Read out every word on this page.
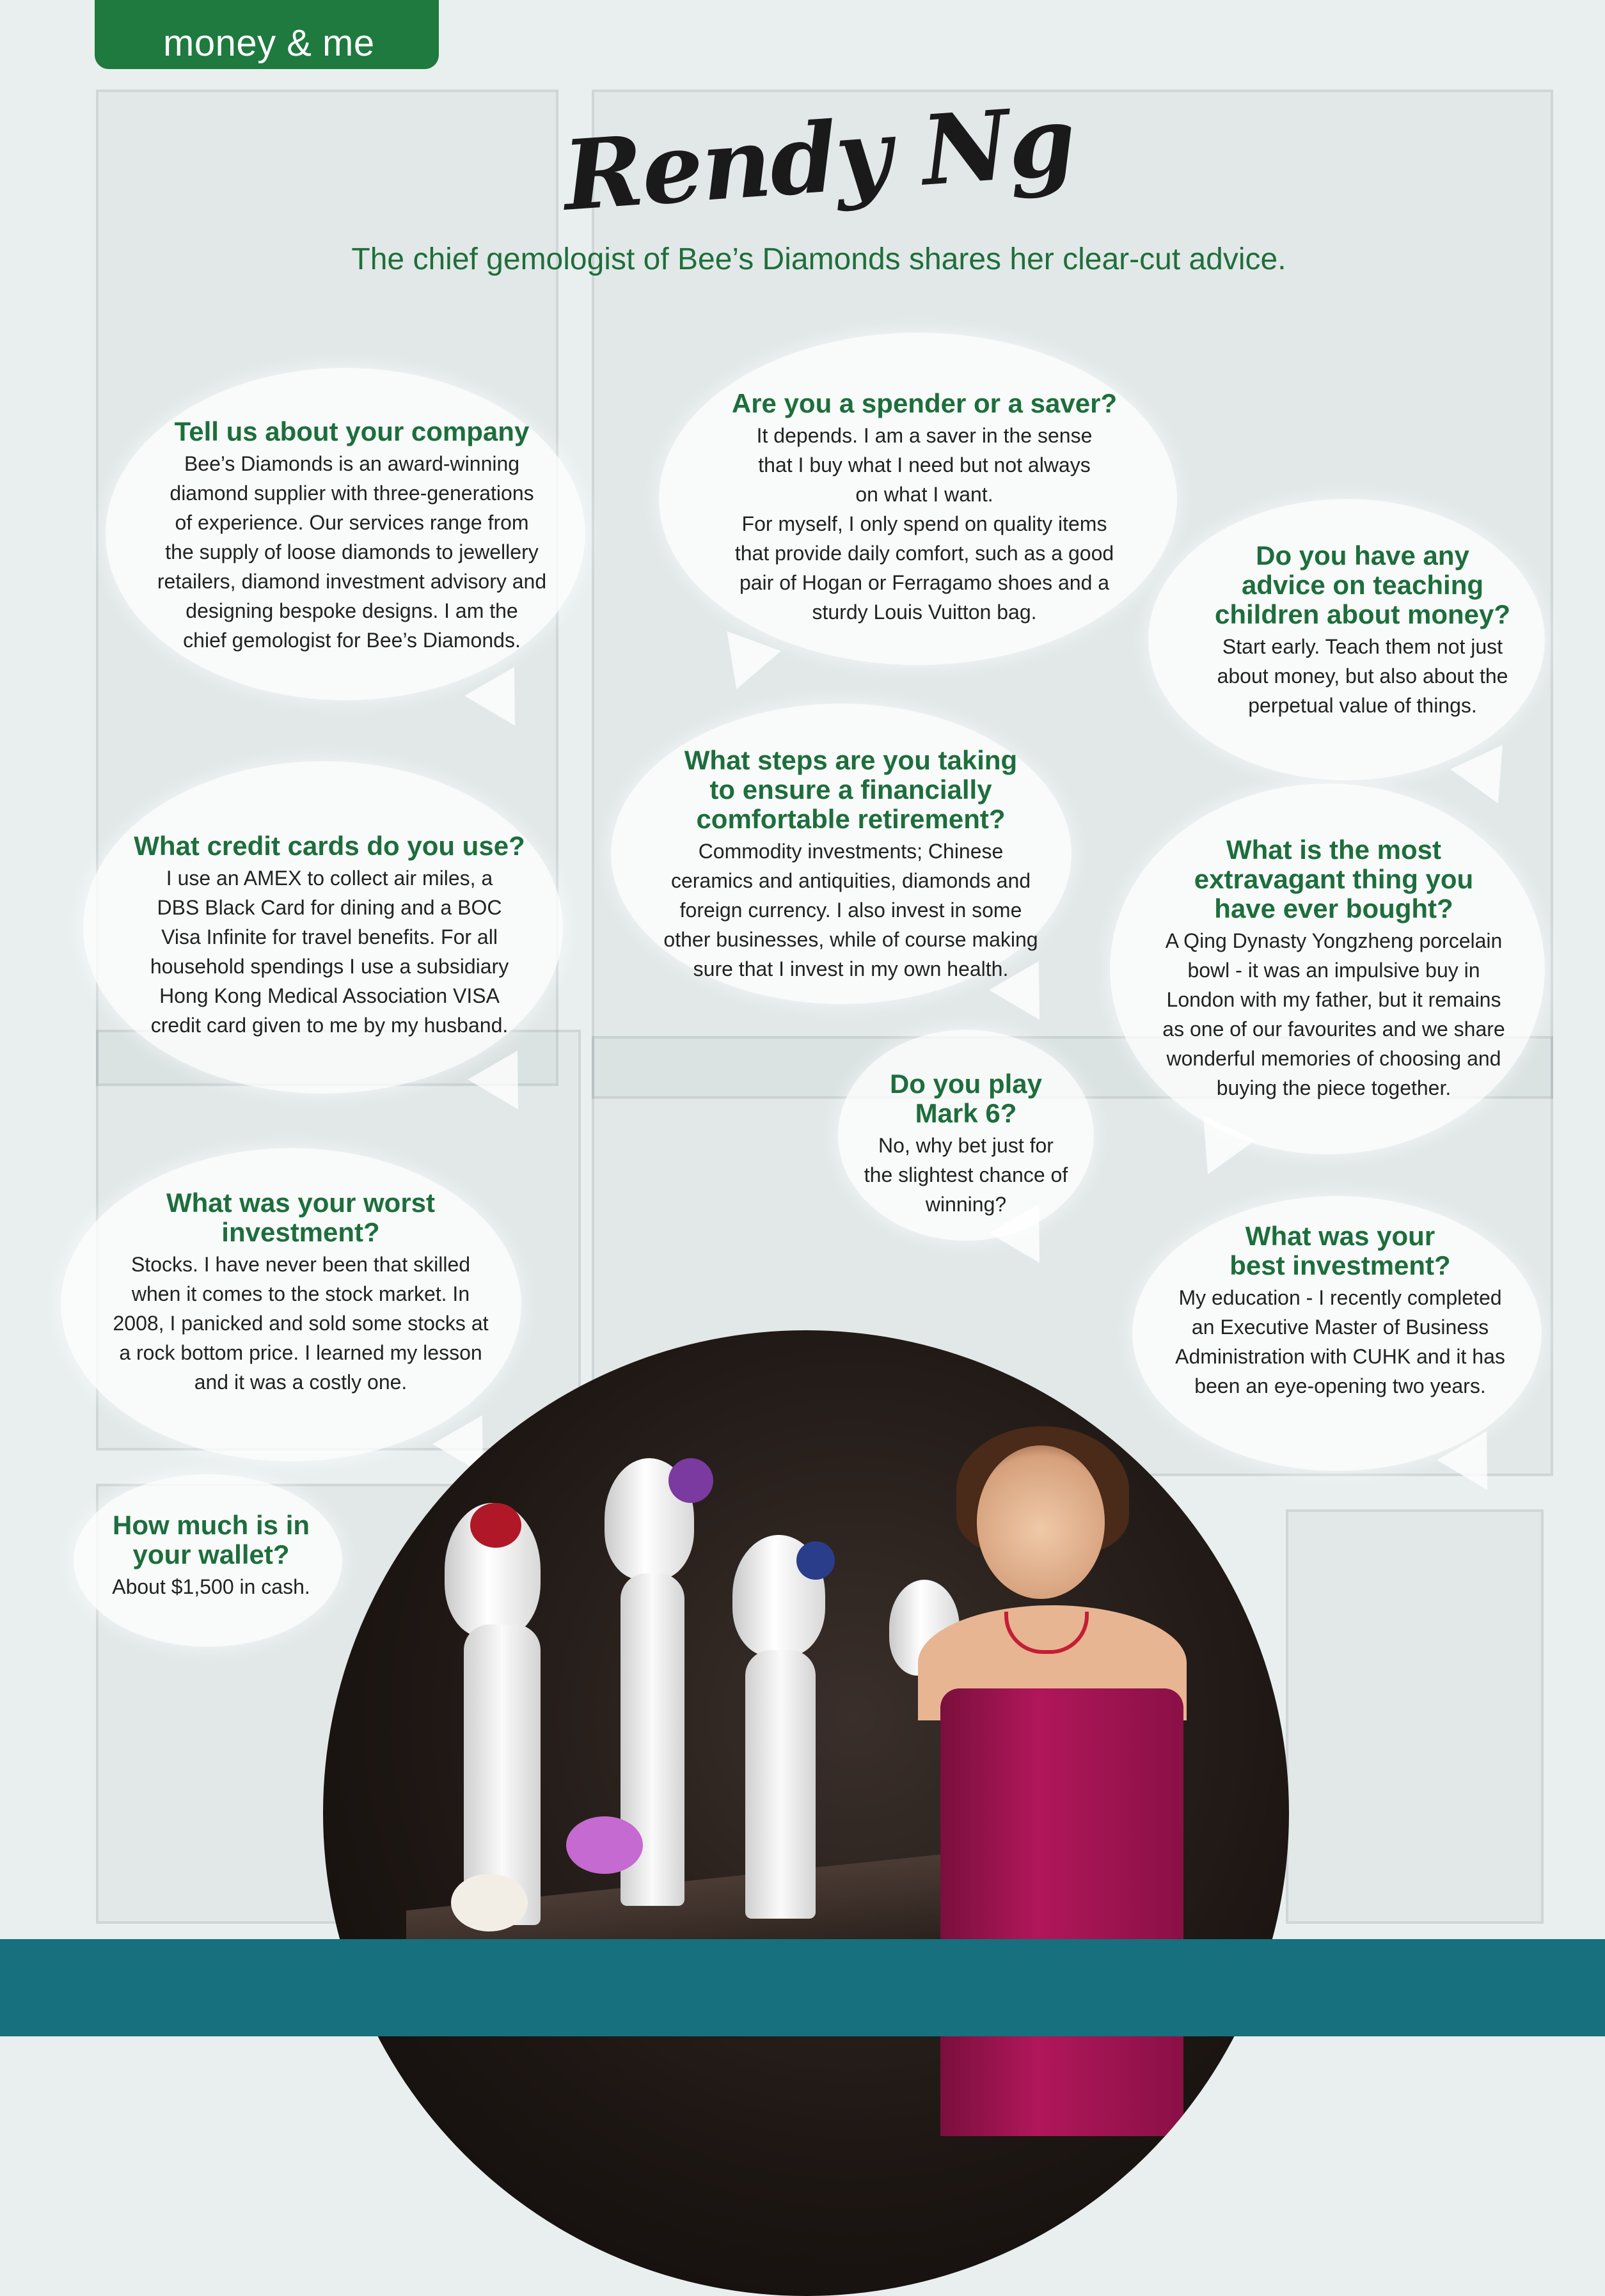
money & me
Rendy Ng
The chief gemologist of Bee’s Diamonds shares her clear-cut advice.

Tell us about your company

Bee’s Diamonds is an award-winning
diamond supplier with three-generations
of experience. Our services range from
the supply of loose diamonds to jewellery
retailers, diamond investment advisory and
designing bespoke designs. I am the
chief gemologist for Bee’s Diamonds.

Are you a spender or a saver?

It depends. I am a saver in the sense
that I buy what I need but not always
on what I want.
For myself, I only spend on quality items
that provide daily comfort, such as a good
pair of Hogan or Ferragamo shoes and a
sturdy Louis Vuitton bag.

Do you have any
advice on teaching
children about money?

Start early. Teach them not just
about money, but also about the
perpetual value of things.

What steps are you taking
to ensure a financially
comfortable retirement?

Commodity investments; Chinese
ceramics and antiquities, diamonds and
foreign currency. I also invest in some
other businesses, while of course making
sure that I invest in my own health.

What credit cards do you use?

I use an AMEX to collect air miles, a
DBS Black Card for dining and a BOC
Visa Infinite for travel benefits. For all
household spendings I use a subsidiary
Hong Kong Medical Association VISA
credit card given to me by my husband.

What is the most
extravagant thing you
have ever bought?

A Qing Dynasty Yongzheng porcelain
bowl - it was an impulsive buy in
London with my father, but it remains
as one of our favourites and we share
wonderful memories of choosing and
buying the piece together.

Do you play
Mark 6?

No, why bet just for
the slightest chance of
winning?

What was your worst
investment?

Stocks. I have never been that skilled
when it comes to the stock market. In
2008, I panicked and sold some stocks at
a rock bottom price. I learned my lesson
and it was a costly one.

What was your
best investment?

My education - I recently completed
an Executive Master of Business
Administration with CUHK and it has
been an eye-opening two years.

How much is in
your wallet?

About $1,500 in cash.
